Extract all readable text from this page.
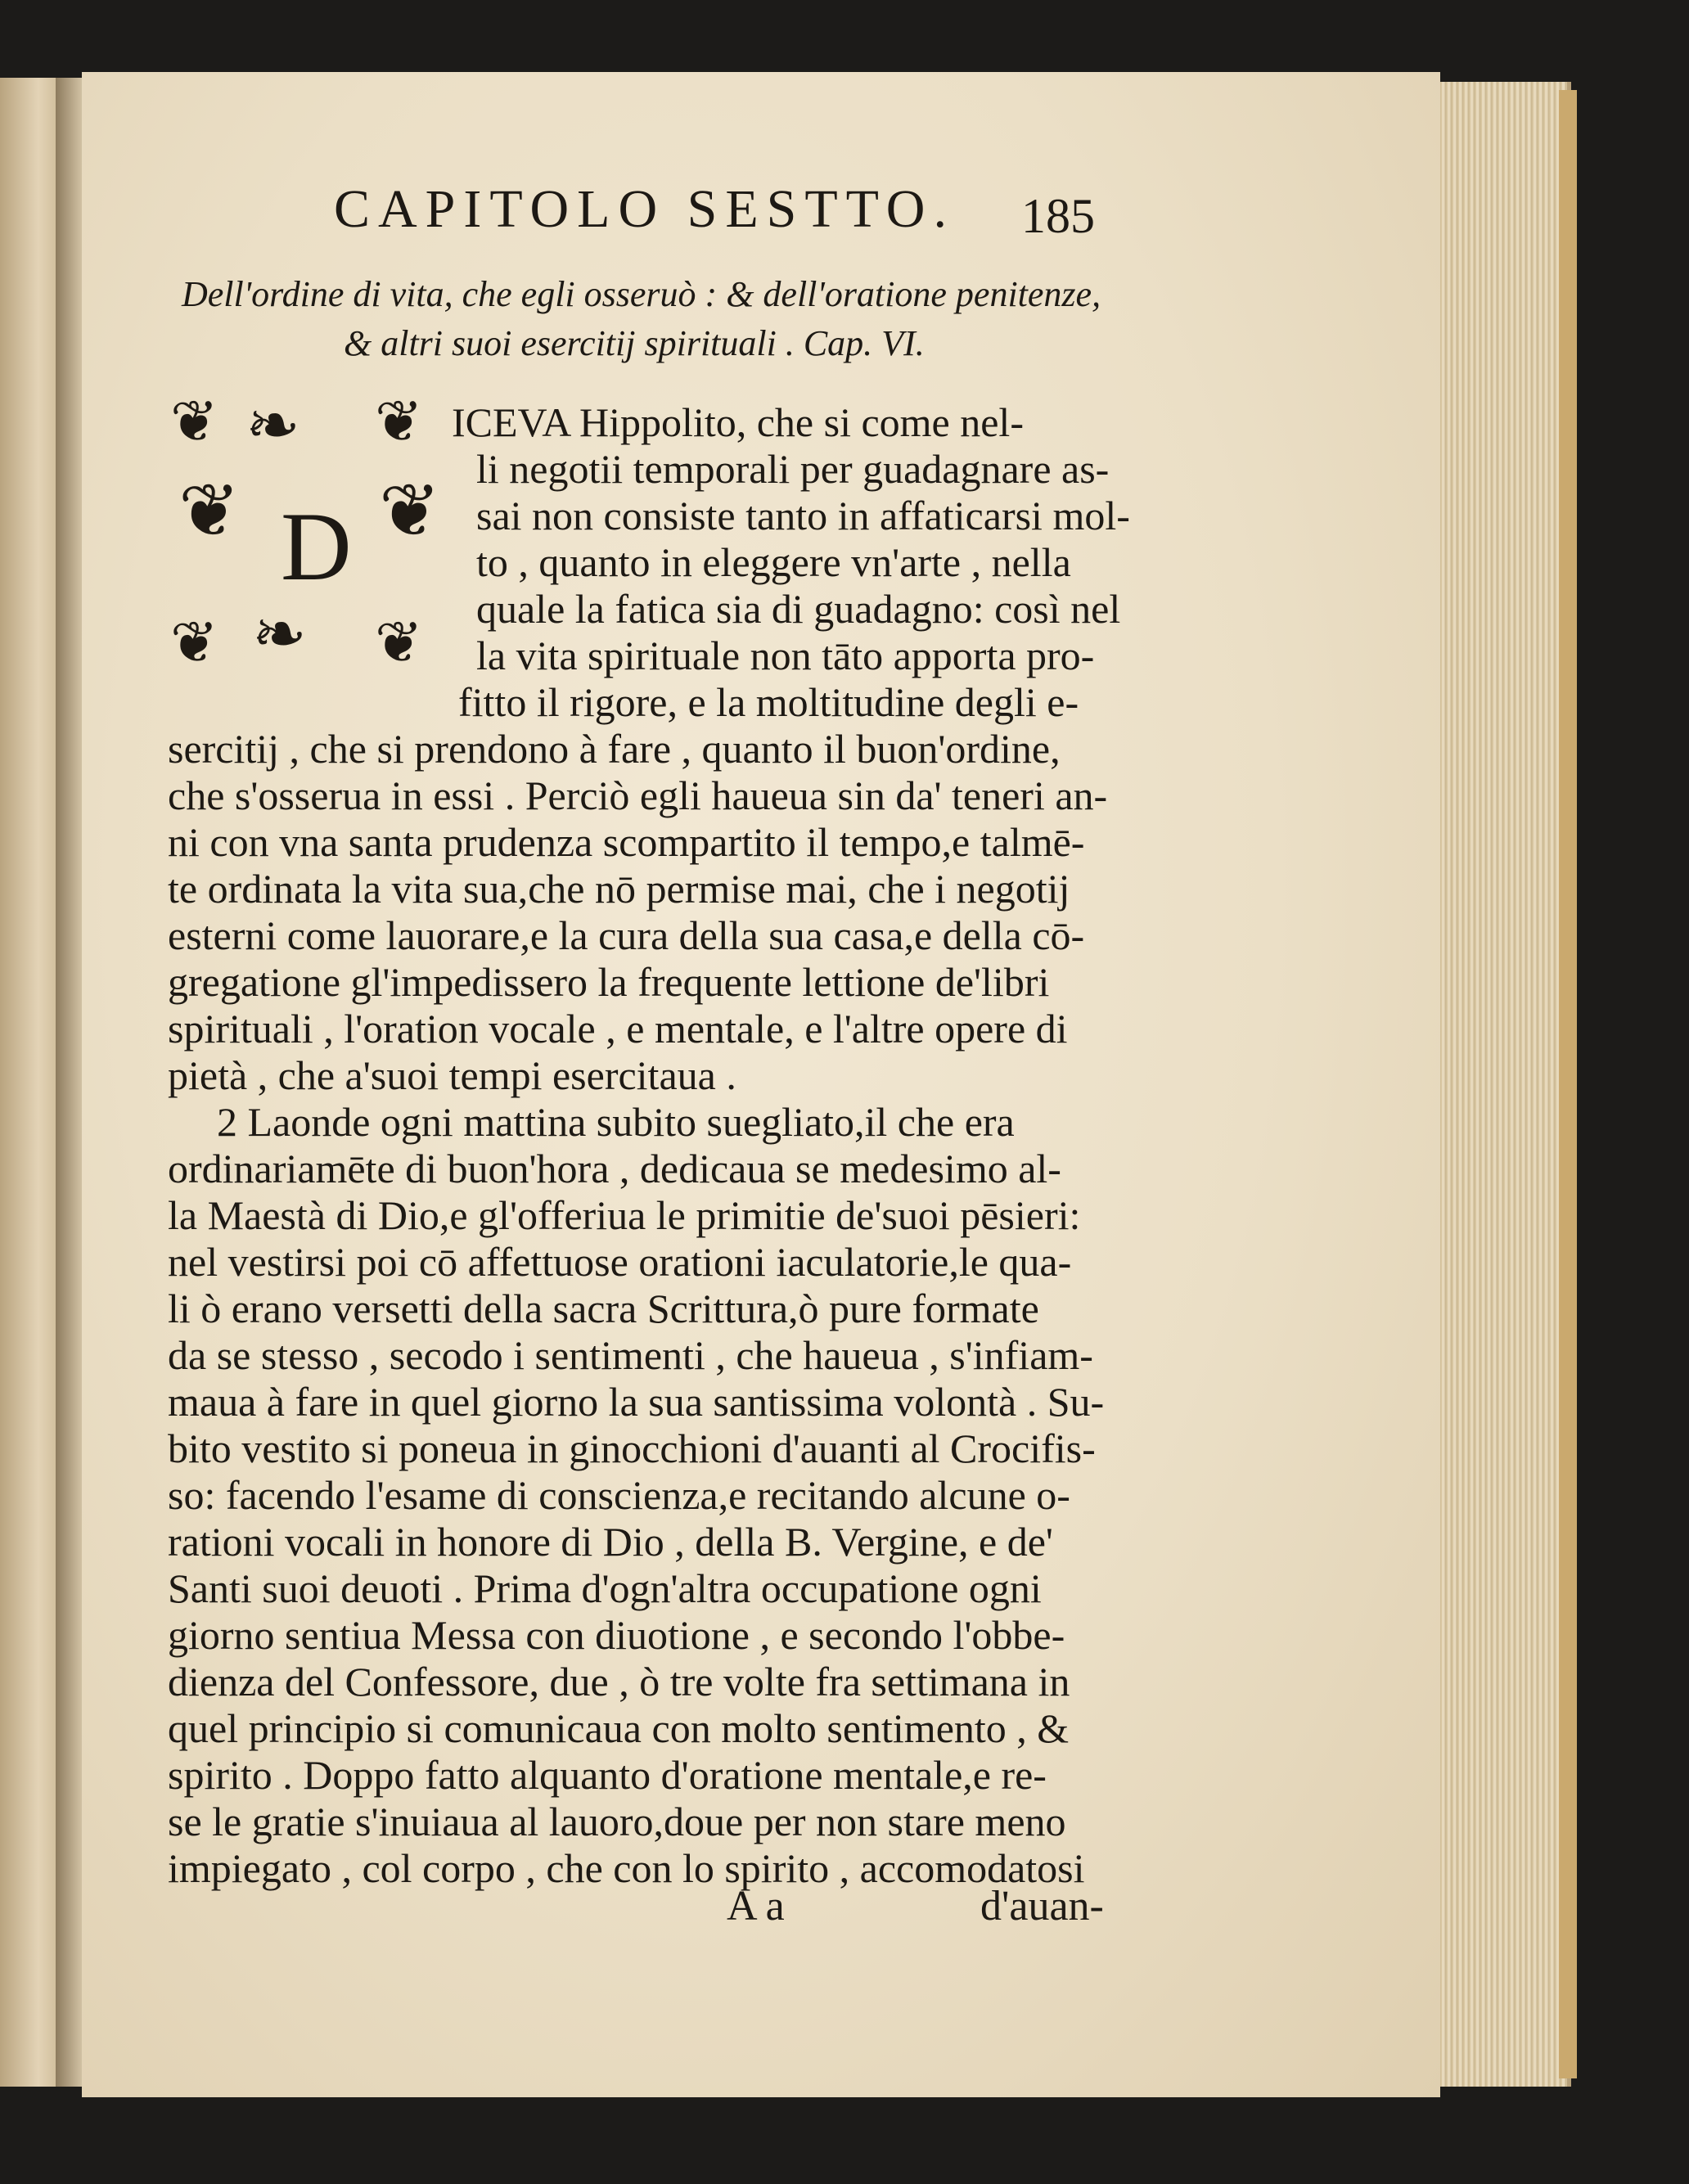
CAPITOLO SESTTO. 185

Dell'ordine di vita, che egli osseruò : & dell'oratione penitenze,

& altri suoi esercitij spirituali . Cap. VI.

❦ ❧ ❦
❦ ❦
❦ ❧ ❦
D

ICEVA Hippolito, che si come nel-

li negotii temporali per guadagnare as-

sai non consiste tanto in affaticarsi mol-

to , quanto in eleggere vn'arte , nella

quale la fatica sia di guadagno: così nel

la vita spirituale non tāto apporta pro-

fitto il rigore, e la moltitudine degli e-

sercitij , che si prendono à fare , quanto il buon'ordine,

che s'osserua in essi . Perciò egli haueua sin da' teneri an-

ni con vna santa prudenza scompartito il tempo,e talmē-

te ordinata la vita sua,che nō permise mai, che i negotij

esterni come lauorare,e la cura della sua casa,e della cō-

gregatione gl'impedissero la frequente lettione de'libri

spirituali , l'oration vocale , e mentale, e l'altre opere di

pietà , che a'suoi tempi esercitaua .

2 Laonde ogni mattina subito suegliato,il che era

ordinariamēte di buon'hora , dedicaua se medesimo al-

la Maestà di Dio,e gl'offeriua le primitie de'suoi pēsieri:

nel vestirsi poi cō affettuose orationi iaculatorie,le qua-

li ò erano versetti della sacra Scrittura,ò pure formate

da se stesso , secodo i sentimenti , che haueua , s'infiam-

maua à fare in quel giorno la sua santissima volontà . Su-

bito vestito si poneua in ginocchioni d'auanti al Crocifis-

so: facendo l'esame di conscienza,e recitando alcune o-

rationi vocali in honore di Dio , della B. Vergine, e de'

Santi suoi deuoti . Prima d'ogn'altra occupatione ogni

giorno sentiua Messa con diuotione , e secondo l'obbe-

dienza del Confessore, due , ò tre volte fra settimana in

quel principio si comunicaua con molto sentimento , &

spirito . Doppo fatto alquanto d'oratione mentale,e re-

se le gratie s'inuiaua al lauoro,doue per non stare meno

impiegato , col corpo , che con lo spirito , accomodatosi

A a	d'auan-
